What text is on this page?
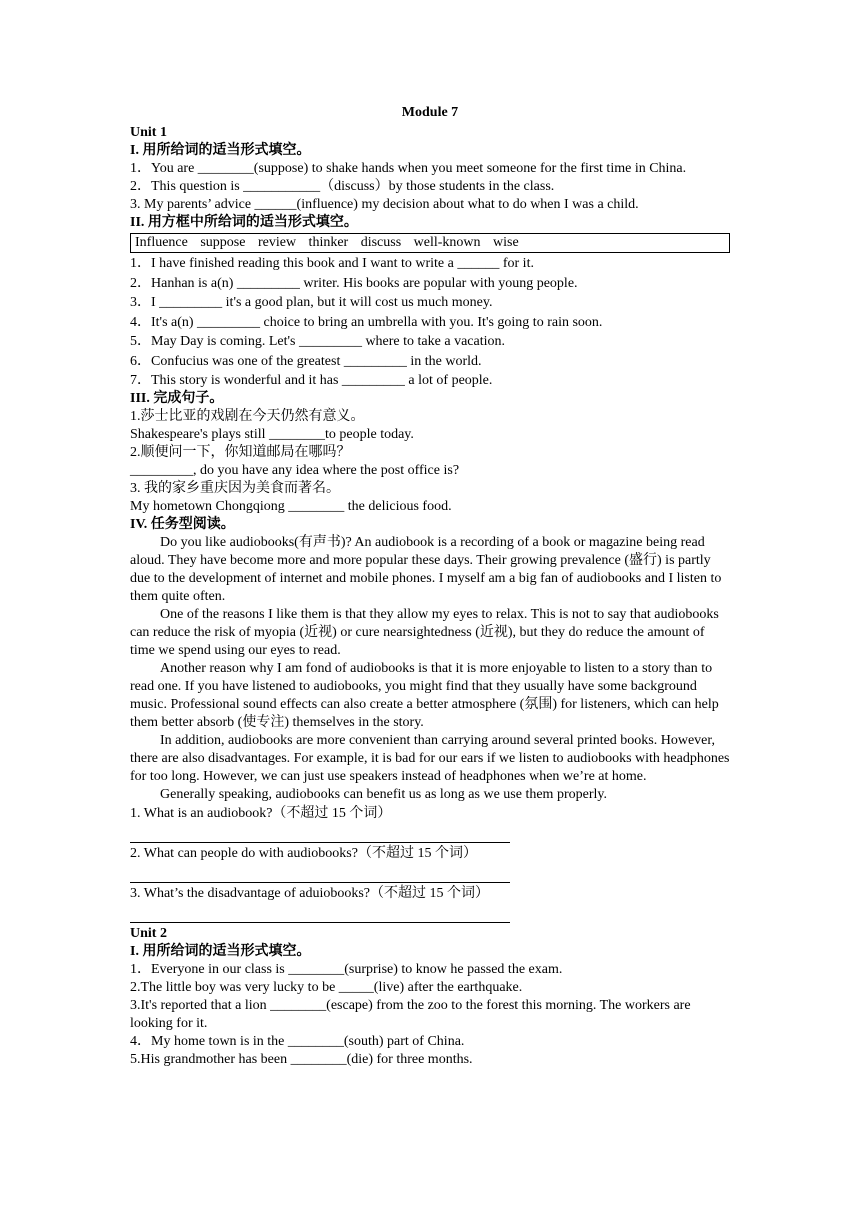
Module 7
Unit 1
I. 用所给词的适当形式填空。
1．You are ________(suppose) to shake hands when you meet someone for the first time in China.
2．This question is ___________（discuss）by those students in the class.
3. My parents’ advice ______(influence) my decision about what to do when I was a child.
II. 用方框中所给词的适当形式填空。
Influence suppose review thinker discuss well-known wise
1．I have finished reading this book and I want to write a ______ for it.
2．Hanhan is a(n) _________ writer. His books are popular with young people.
3．I _________ it's a good plan, but it will cost us much money.
4．It's a(n) _________ choice to bring an umbrella with you. It's going to rain soon.
5．May Day is coming. Let's _________ where to take a vacation.
6．Confucius was one of the greatest _________ in the world.
7．This story is wonderful and it has _________ a lot of people.
III. 完成句子。
1.莎士比亚的戏剧在今天仍然有意义。
Shakespeare's plays still ________to people today.
2.顺便问一下，你知道邮局在哪吗？
_________, do you have any idea where the post office is?
3. 我的家乡重庆因为美食而著名。
My hometown Chongqiong ________ the delicious food.
IV. 任务型阅读。
Do you like audiobooks(有声书)? An audiobook is a recording of a book or magazine being read aloud. They have become more and more popular these days. Their growing prevalence (盛行) is partly due to the development of internet and mobile phones. I myself am a big fan of audiobooks and I listen to them quite often.
One of the reasons I like them is that they allow my eyes to relax. This is not to say that audiobooks can reduce the risk of myopia (近视) or cure nearsightedness (近视), but they do reduce the amount of time we spend using our eyes to read.
Another reason why I am fond of audiobooks is that it is more enjoyable to listen to a story than to read one. If you have listened to audiobooks, you might find that they usually have some background music. Professional sound effects can also create a better atmosphere (氛围) for listeners, which can help them better absorb (使专注) themselves in the story.
In addition, audiobooks are more convenient than carrying around several printed books. However, there are also disadvantages. For example, it is bad for our ears if we listen to audiobooks with headphones for too long. However, we can just use speakers instead of headphones when we’re at home.
Generally speaking, audiobooks can benefit us as long as we use them properly.
1. What is an audiobook?（不超过 15 个词）
2. What can people do with audiobooks?（不超过 15 个词）
3. What’s the disadvantage of aduiobooks?（不超过 15 个词）
Unit 2
I. 用所给词的适当形式填空。
1．Everyone in our class is ________(surprise) to know he passed the exam.
2.The little boy was very lucky to be _____(live) after the earthquake.
3.It's reported that a lion ________(escape) from the zoo to the forest this morning. The workers are looking for it.
4．My home town is in the ________(south) part of China.
5.His grandmother has been ________(die) for three months.
